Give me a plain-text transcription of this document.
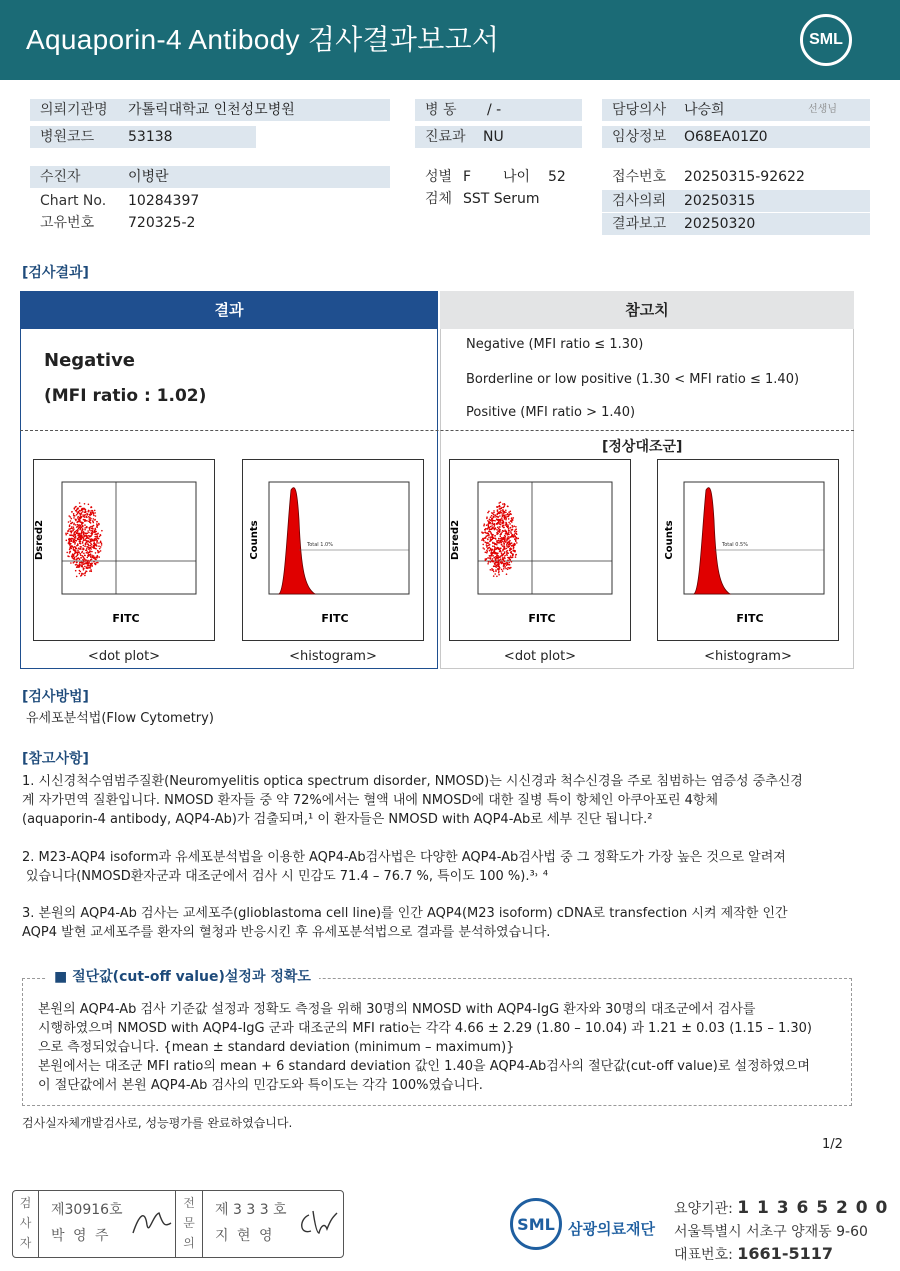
Aquaporin-4 Antibody 검사결과보고서	SML
의뢰기관명 가톨릭대학교 인천성모병원
병원코드 53138
병 동 / -
진료과 NU
담당의사 나승희	선생님
임상정보 O68EA01Z0
수진자	이병란
Chart No. 10284397
고유번호 720325-2
성별 F 나이 52
검체 SST Serum
접수번호 20250315-92622
검사의뢰 20250315
결과보고 20250320
[검사결과]
결과	참고치
Negative
(MFI ratio : 1.02)
Negative (MFI ratio ≤ 1.30)
Borderline or low positive (1.30 < MFI ratio ≤ 1.40)
Positive (MFI ratio > 1.40)
[정상대조군]
Dsred2
FITC
Total 1.0%
Counts
FITC
Dsred2
FITC
Total 0.5%
Counts
FITC
<dot plot>	<histogram>	<dot plot>	<histogram>
[검사방법]
유세포분석법(Flow Cytometry)
[참고사항]
1. 시신경척수염범주질환(Neuromyelitis optica spectrum disorder, NMOSD)는 시신경과 척수신경을 주로 침범하는 염증성 중추신경
계 자가면역 질환입니다. NMOSD 환자들 중 약 72%에서는 혈액 내에 NMOSD에 대한 질병 특이 항체인 아쿠아포린 4항체
(aquaporin-4 antibody, AQP4-Ab)가 검출되며,¹ 이 환자들은 NMOSD with AQP4-Ab로 세부 진단 됩니다.²
2. M23-AQP4 isoform과 유세포분석법을 이용한 AQP4-Ab검사법은 다양한 AQP4-Ab검사법 중 그 정확도가 가장 높은 것으로 알려져
있습니다(NMOSD환자군과 대조군에서 검사 시 민감도 71.4 – 76.7 %, 특이도 100 %).³˒ ⁴
3. 본원의 AQP4-Ab 검사는 교세포주(glioblastoma cell line)를 인간 AQP4(M23 isoform) cDNA로 transfection 시켜 제작한 인간
AQP4 발현 교세포주를 환자의 혈청과 반응시킨 후 유세포분석법으로 결과를 분석하였습니다.
■ 절단값(cut-off value)설정과 정확도
본원의 AQP4-Ab 검사 기준값 설정과 정확도 측정을 위해 30명의 NMOSD with AQP4-IgG 환자와 30명의 대조군에서 검사를
시행하였으며 NMOSD with AQP4-IgG 군과 대조군의 MFI ratio는 각각 4.66 ± 2.29 (1.80 – 10.04) 과 1.21 ± 0.03 (1.15 – 1.30)
으로 측정되었습니다. {mean ± standard deviation (minimum – maximum)}
본원에서는 대조군 MFI ratio의 mean + 6 standard deviation 값인 1.40을 AQP4-Ab검사의 절단값(cut-off value)로 설정하였으며
이 절단값에서 본원 AQP4-Ab 검사의 민감도와 특이도는 각각 100%였습니다.
검사실자체개발검사로, 성능평가를 완료하였습니다.
1/2
검 사 자
제30916호
박 영 주
전 문 의
제 3 3 3 호
지 현 영
SML 삼광의료재단
요양기관: 1 1 3 6 5 2 0 0
서울특별시 서초구 양재동 9-60
대표번호: 1661-5117
